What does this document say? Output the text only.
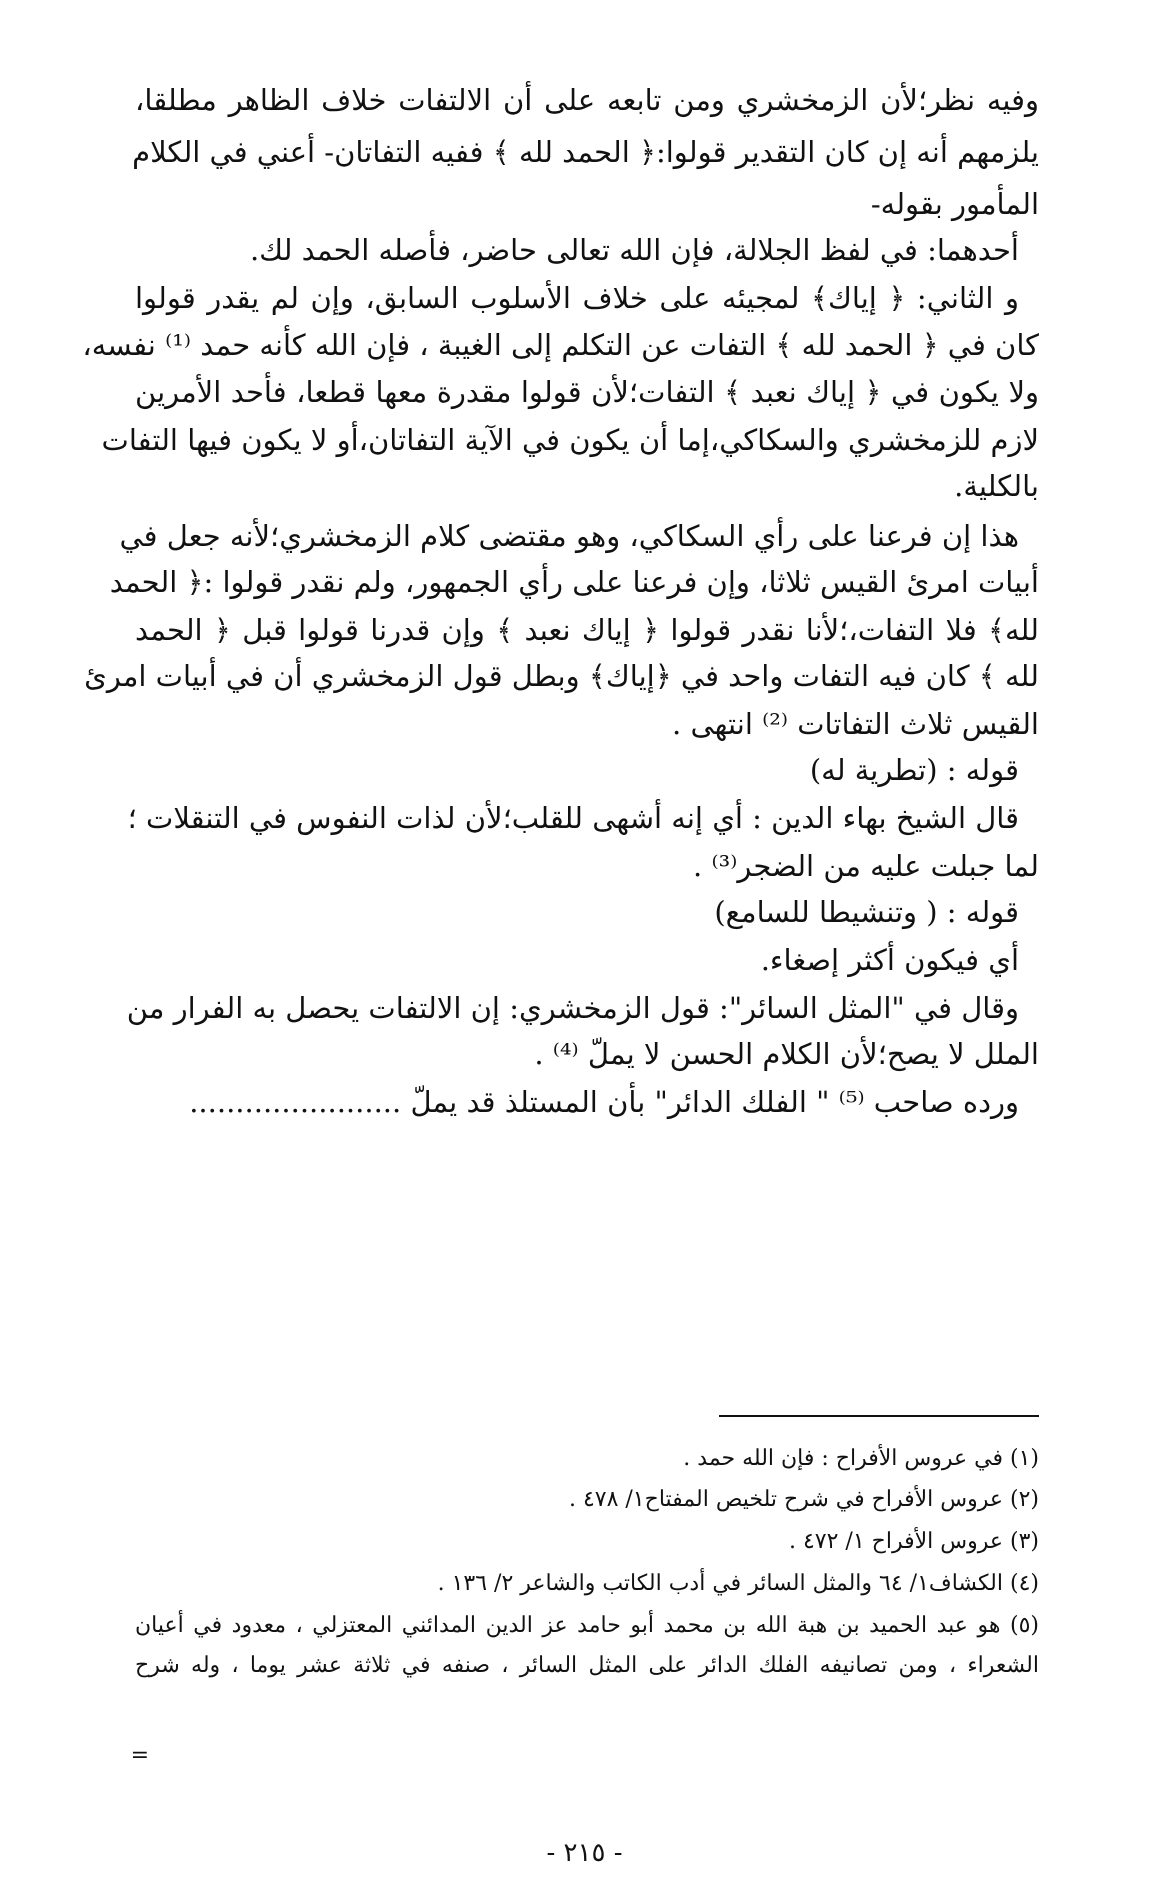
وفيه نظر؛لأن الزمخشري ومن تابعه على أن الالتفات خلاف الظاهر مطلقا،
يلزمهم أنه إن كان التقدير قولوا:﴿ الحمد لله ﴾ ففيه التفاتان- أعني في الكلام
المأمور بقوله-
أحدهما: في لفظ الجلالة، فإن الله تعالى حاضر، فأصله الحمد لك.
و الثاني: ﴿ إياك﴾ لمجيئه على خلاف الأسلوب السابق، وإن لم يقدر قولوا
كان في ﴿ الحمد لله ﴾ التفات عن التكلم إلى الغيبة ، فإن الله كأنه حمد ⁽¹⁾ نفسه،
ولا يكون في ﴿ إياك نعبد ﴾ التفات؛لأن قولوا مقدرة معها قطعا، فأحد الأمرين
لازم للزمخشري والسكاكي،إما أن يكون في الآية التفاتان،أو لا يكون فيها التفات
بالكلية.
هذا إن فرعنا على رأي السكاكي، وهو مقتضى كلام الزمخشري؛لأنه جعل في
أبيات امرئ القيس ثلاثا، وإن فرعنا على رأي الجمهور، ولم نقدر قولوا :﴿ الحمد
لله﴾ فلا التفات،؛لأنا نقدر قولوا ﴿ إياك نعبد ﴾ وإن قدرنا قولوا قبل ﴿ الحمد
لله ﴾ كان فيه التفات واحد في ﴿إياك﴾ وبطل قول الزمخشري أن في أبيات امرئ
القيس ثلاث التفاتات ⁽²⁾ انتهى .
قوله : (تطرية له)
قال الشيخ بهاء الدين : أي إنه أشهى للقلب؛لأن لذات النفوس في التنقلات ؛
لما جبلت عليه من الضجر⁽³⁾ .
قوله : ( وتنشيطا للسامع)
أي فيكون أكثر إصغاء.
وقال في "المثل السائر": قول الزمخشري: إن الالتفات يحصل به الفرار من
الملل لا يصح؛لأن الكلام الحسن لا يملّ ⁽⁴⁾ .
ورده صاحب ⁽⁵⁾ " الفلك الدائر" بأن المستلذ قد يملّ .......................
(١) في عروس الأفراح : فإن الله حمد .
(٢) عروس الأفراح في شرح تلخيص المفتاح١/ ٤٧٨ .
(٣) عروس الأفراح ١/ ٤٧٢ .
(٤) الكشاف١/ ٦٤ والمثل السائر في أدب الكاتب والشاعر ٢/ ١٣٦ .
(٥) هو عبد الحميد بن هبة الله بن محمد أبو حامد عز الدين المدائني المعتزلي ، معدود في أعيان
الشعراء ، ومن تصانيفه الفلك الدائر على المثل السائر ، صنفه في ثلاثة عشر يوما ، وله شرح
=
- ٢١٥ -
